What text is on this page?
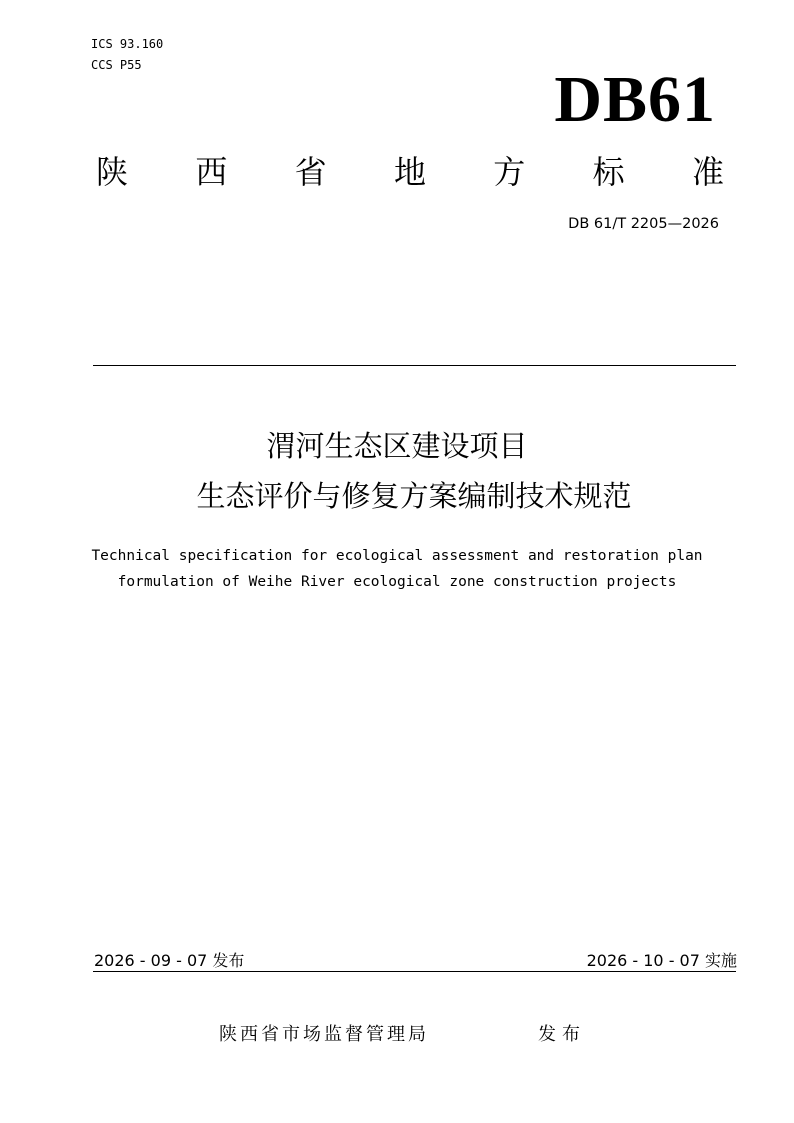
ICS 93.160
CCS P55	DB61
陕 西 省 地 方 标 准
DB 61/T 2205—2026
渭河生态区建设项目
生态评价与修复方案编制技术规范
Technical specification for ecological assessment and restoration plan
formulation of Weihe River ecological zone construction projects
2026 - 09 - 07 发布	2026 - 10 - 07 实施
陕西省市场监督管理局	发布
